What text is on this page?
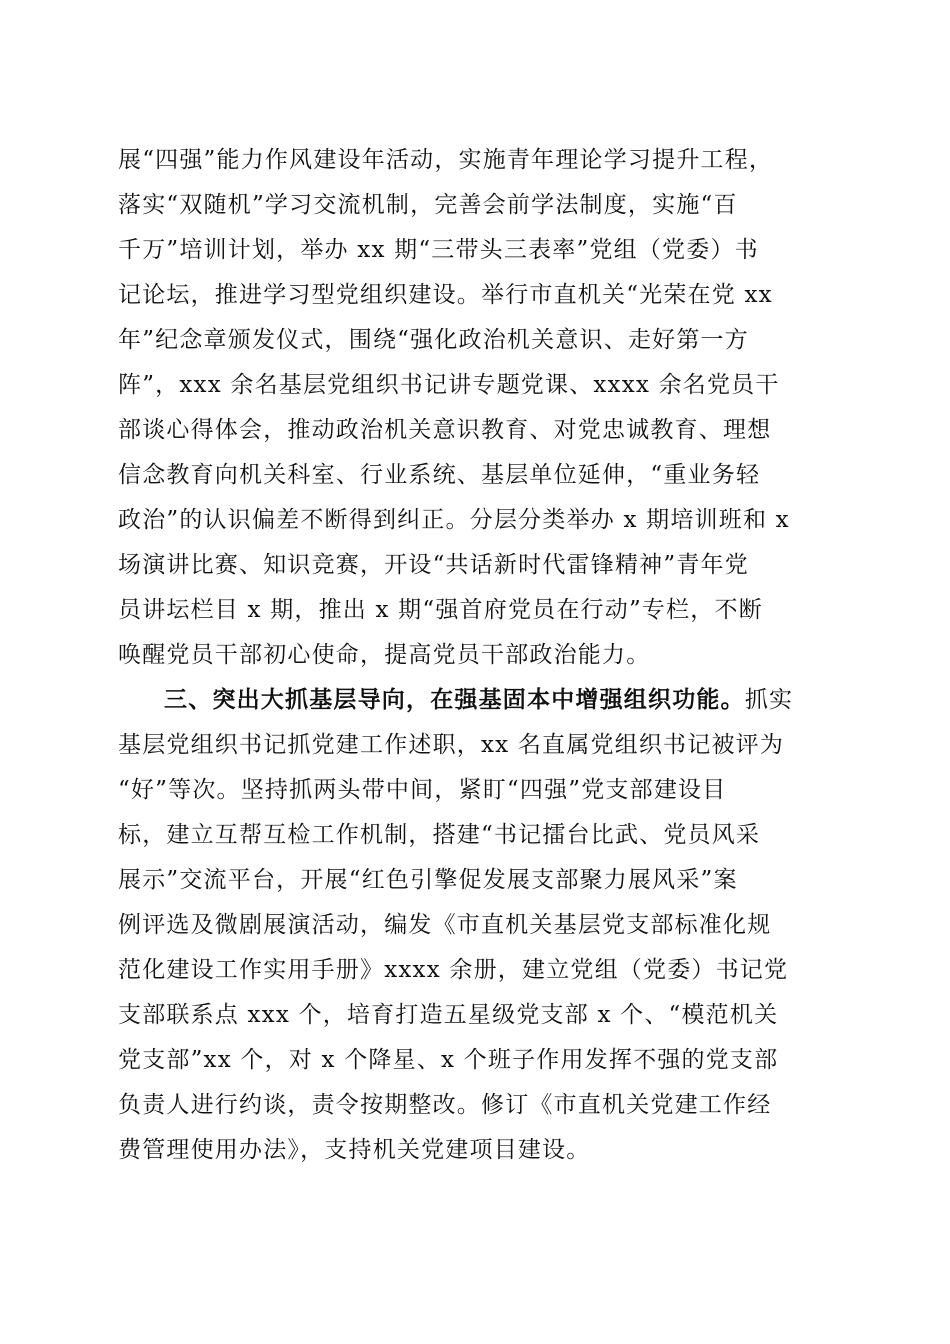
展“四强”能力作风建设年活动，实施青年理论学习提升工程，
落实“双随机”学习交流机制，完善会前学法制度，实施“百
千万”培训计划，举办 xx 期“三带头三表率”党组（党委）书
记论坛，推进学习型党组织建设。举行市直机关“光荣在党 xx
年”纪念章颁发仪式，围绕“强化政治机关意识、走好第一方
阵”，xxx 余名基层党组织书记讲专题党课、xxxx 余名党员干
部谈心得体会，推动政治机关意识教育、对党忠诚教育、理想
信念教育向机关科室、行业系统、基层单位延伸，“重业务轻
政治”的认识偏差不断得到纠正。分层分类举办 x 期培训班和 x
场演讲比赛、知识竞赛，开设“共话新时代雷锋精神”青年党
员讲坛栏目 x 期，推出 x 期“强首府党员在行动”专栏，不断
唤醒党员干部初心使命，提高党员干部政治能力。
三、突出大抓基层导向，在强基固本中增强组织功能。抓实
基层党组织书记抓党建工作述职，xx 名直属党组织书记被评为
“好”等次。坚持抓两头带中间，紧盯“四强”党支部建设目
标，建立互帮互检工作机制，搭建“书记擂台比武、党员风采
展示”交流平台，开展“红色引擎促发展支部聚力展风采”案
例评选及微剧展演活动，编发《市直机关基层党支部标准化规
范化建设工作实用手册》xxxx 余册，建立党组（党委）书记党
支部联系点 xxx 个，培育打造五星级党支部 x 个、“模范机关
党支部”xx 个，对 x 个降星、x 个班子作用发挥不强的党支部
负责人进行约谈，责令按期整改。修订《市直机关党建工作经
费管理使用办法》，支持机关党建项目建设。
